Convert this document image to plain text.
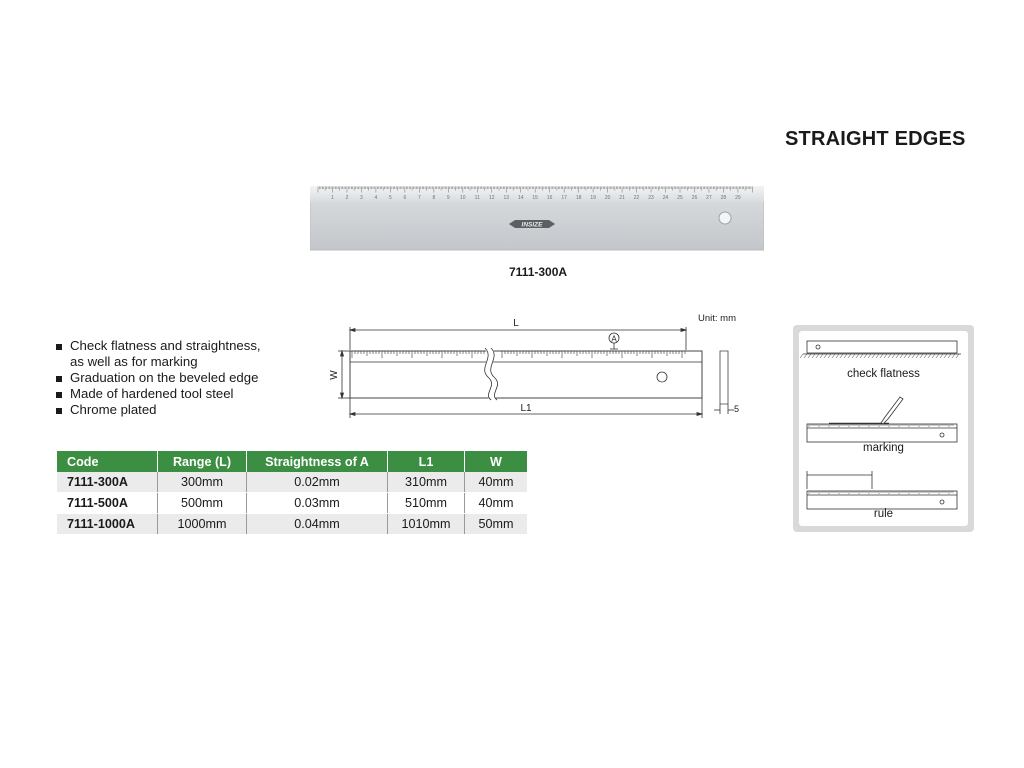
STRAIGHT EDGES
1 2 3 4 5 6 7 8 9 10 11 12 13 14 15 16 17 18 19 20 21 22 23 24 25 26 27 28 29
INSIZE
7111-300A
Check flatness and straightness,
as well as for marking
Graduation on the beveled edge
Made of hardened tool steel
Chrome plated
L
L1
W
A
5
Unit: mm
Code	Range (L)	Straightness of A	L1	W
7111-300A	300mm	0.02mm	310mm	40mm
7111-500A	500mm	0.03mm	510mm	40mm
7111-1000A	1000mm	0.04mm	1010mm	50mm
check flatness
marking
rule
